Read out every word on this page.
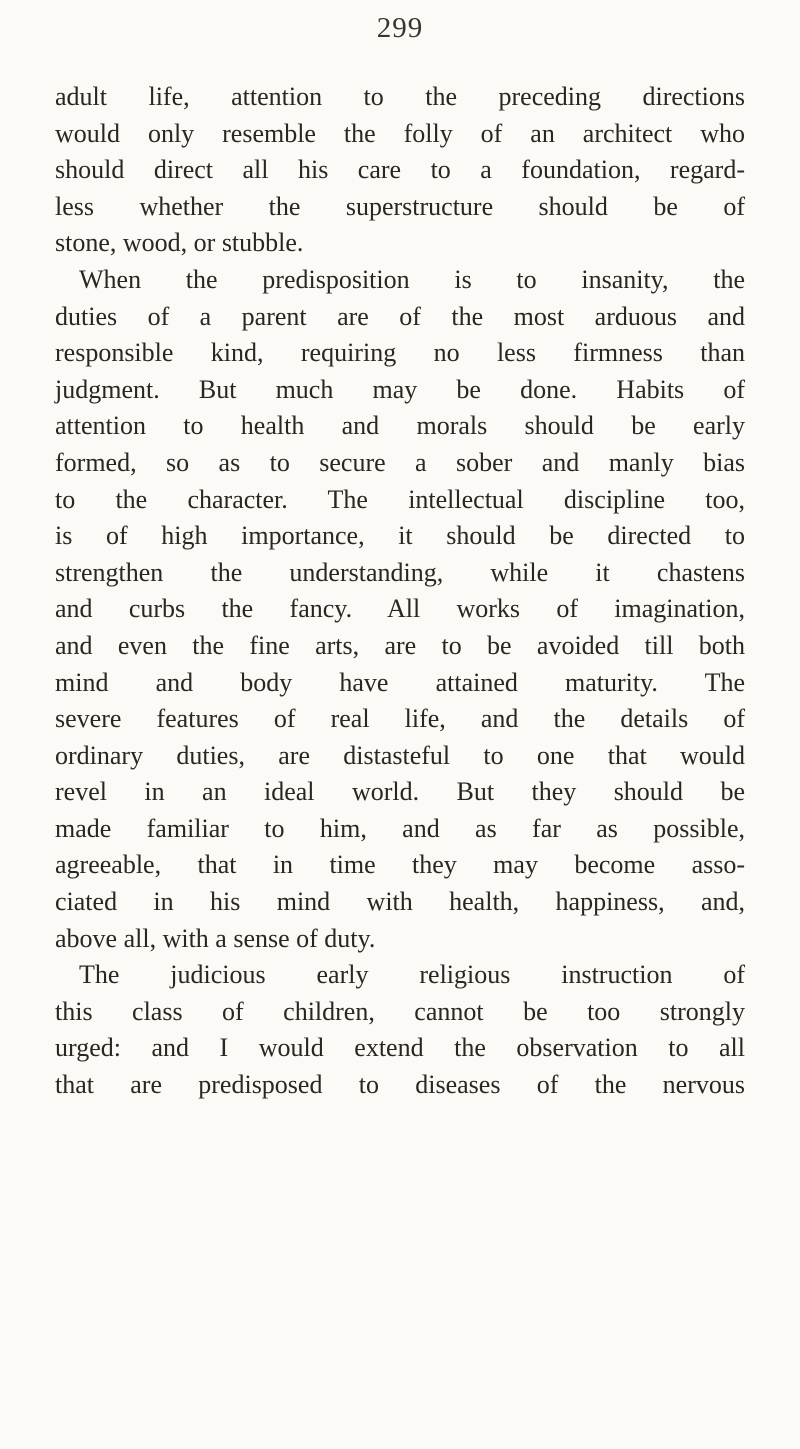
299
adult life, attention to the preceding directions
would only resemble the folly of an architect who
should direct all his care to a foundation, regard-
less whether the superstructure should be of
stone, wood, or stubble.
When the predisposition is to insanity, the
duties of a parent are of the most arduous and
responsible kind, requiring no less firmness than
judgment. But much may be done. Habits of
attention to health and morals should be early
formed, so as to secure a sober and manly bias
to the character. The intellectual discipline too,
is of high importance, it should be directed to
strengthen the understanding, while it chastens
and curbs the fancy. All works of imagination,
and even the fine arts, are to be avoided till both
mind and body have attained maturity. The
severe features of real life, and the details of
ordinary duties, are distasteful to one that would
revel in an ideal world. But they should be
made familiar to him, and as far as possible,
agreeable, that in time they may become asso-
ciated in his mind with health, happiness, and,
above all, with a sense of duty.
The judicious early religious instruction of
this class of children, cannot be too strongly
urged: and I would extend the observation to all
that are predisposed to diseases of the nervous
